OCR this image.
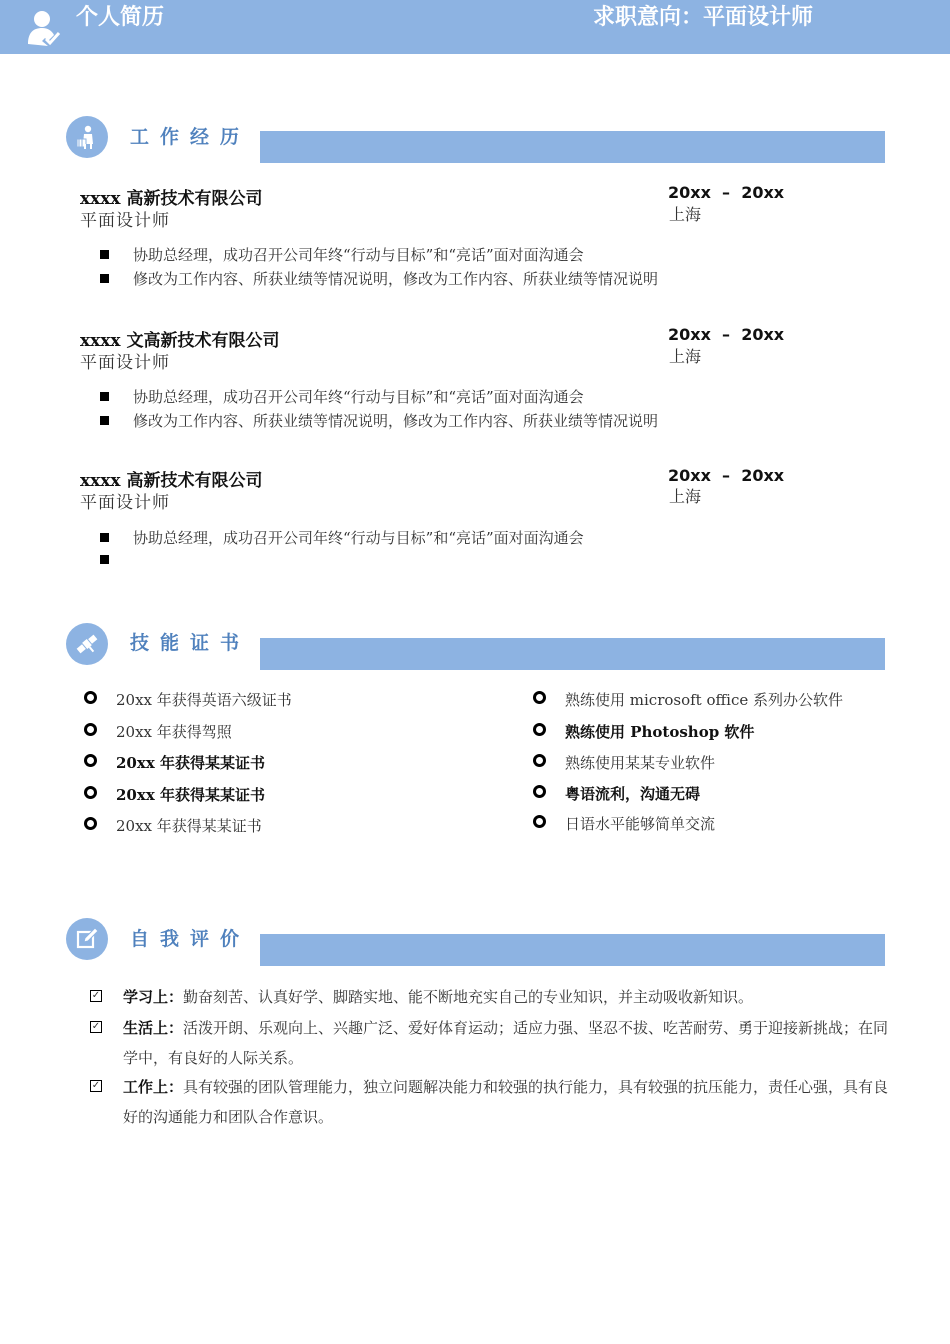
个人简历	求职意向：平面设计师
工作经历
xxxx 高新技术有限公司
平面设计师
20xx  –  20xx
上海
协助总经理，成功召开公司年终“行动与目标”和“亮话”面对面沟通会
修改为工作内容、所获业绩等情况说明，修改为工作内容、所获业绩等情况说明
xxxx 文高新技术有限公司
平面设计师
20xx  –  20xx
上海
协助总经理，成功召开公司年终“行动与目标”和“亮话”面对面沟通会
修改为工作内容、所获业绩等情况说明，修改为工作内容、所获业绩等情况说明
xxxx 高新技术有限公司
平面设计师
20xx  –  20xx
上海
协助总经理，成功召开公司年终“行动与目标”和“亮话”面对面沟通会
技能证书
20xx 年获得英语六级证书
20xx 年获得驾照
20xx 年获得某某证书
20xx 年获得某某证书
20xx 年获得某某证书
熟练使用 microsoft office 系列办公软件
熟练使用 Photoshop 软件
熟练使用某某专业软件
粤语流利，沟通无碍
日语水平能够简单交流
自我评价
✓ 学习上：勤奋刻苦、认真好学、脚踏实地、能不断地充实自己的专业知识，并主动吸收新知识。
✓ 生活上：活泼开朗、乐观向上、兴趣广泛、爱好体育运动；适应力强、坚忍不拔、吃苦耐劳、勇于迎接新挑战；在同学中，有良好的人际关系。
✓ 工作上：具有较强的团队管理能力，独立问题解决能力和较强的执行能力，具有较强的抗压能力，责任心强，具有良好的沟通能力和团队合作意识。
